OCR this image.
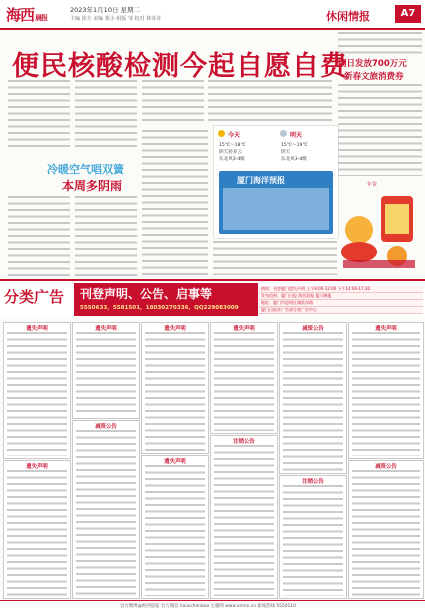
海西晨报
2023年1月10日 星期二
主编 徐方 美编 郑小 组版 邹 校对 林菲菲	休闲情报	A7
便民核酸检测今起自愿自费
冷暖空气唱双簧
本周多阴雨
今天
15℃～18℃
阴天转多云
东北风3-4级
明天
15℃～19℃
阴天
东北风3-4级
厦门海洋预报
明日发放700万元
新春文旅消费券
年货
分类广告 刊登声明、公告、启事等
5550633，5581501，18030270336，QQ229083009
热线：刊登厦门遗失声明 上午9:00-12:00 下午14:00-17:30
发布范围：厦门日报 海西晨报 厦门晚报
地址：厦门市思明区湖滨东路
厦门日报社广告部分类广告中心
遗失声明
遗失声明
遗失声明
减资公告
遗失声明
遗失声明
遗失声明
注销公告
减资公告
注销公告
遗失声明
减资公告
官方微博@海西晨报 官方微信 haixichenbao 主题网 www.xmnn.cn 新闻热线 5550110
